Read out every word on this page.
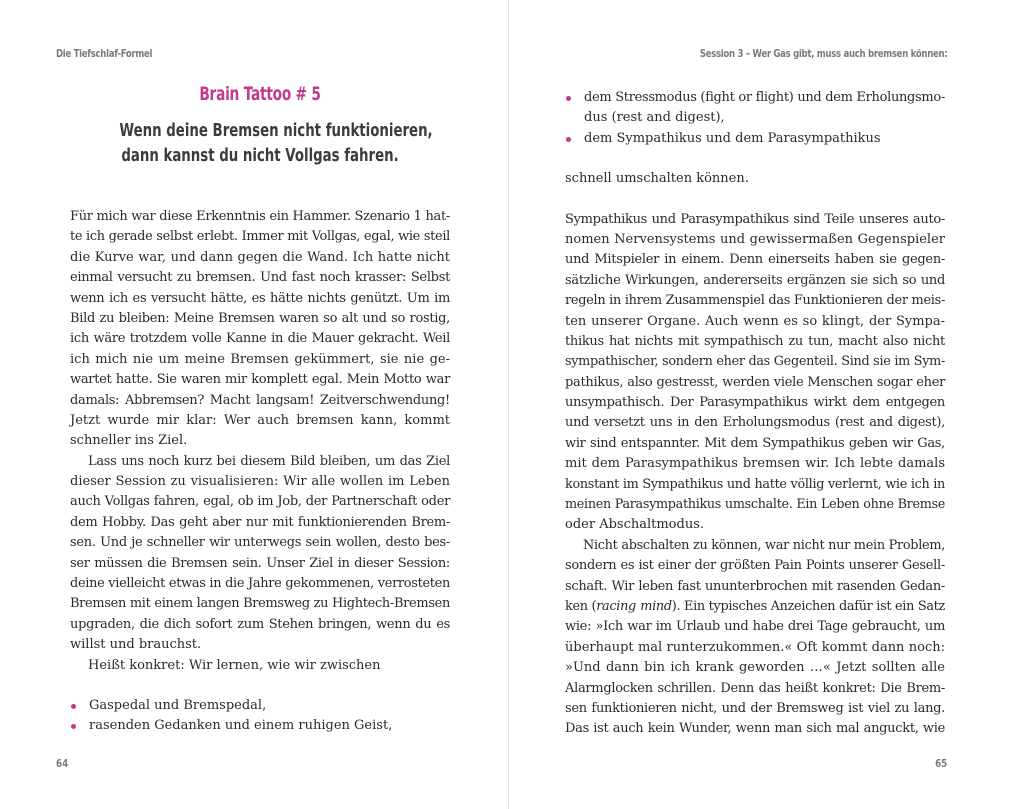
Die Tiefschlaf-Formel
Brain Tattoo # 5
Wenn deine Bremsen nicht funktionieren,
dann kannst du nicht Vollgas fahren.
Für mich war diese Erkenntnis ein Hammer. Szenario 1 hat-
te ich gerade selbst erlebt. Immer mit Vollgas, egal, wie steil
die Kurve war, und dann gegen die Wand. Ich hatte nicht
einmal versucht zu bremsen. Und fast noch krasser: Selbst
wenn ich es versucht hätte, es hätte nichts genützt. Um im
Bild zu bleiben: Meine Bremsen waren so alt und so rostig,
ich wäre trotzdem volle Kanne in die Mauer gekracht. Weil
ich mich nie um meine Bremsen gekümmert, sie nie ge-
wartet hatte. Sie waren mir komplett egal. Mein Motto war
damals: Abbremsen? Macht langsam! Zeitverschwendung!
Jetzt wurde mir klar: Wer auch bremsen kann, kommt
schneller ins Ziel.
Lass uns noch kurz bei diesem Bild bleiben, um das Ziel
dieser Session zu visualisieren: Wir alle wollen im Leben
auch Vollgas fahren, egal, ob im Job, der Partnerschaft oder
dem Hobby. Das geht aber nur mit funktionierenden Brem-
sen. Und je schneller wir unterwegs sein wollen, desto bes-
ser müssen die Bremsen sein. Unser Ziel in dieser Session:
deine vielleicht etwas in die Jahre gekommenen, verrosteten
Bremsen mit einem langen Bremsweg zu Hightech-Bremsen
upgraden, die dich sofort zum Stehen bringen, wenn du es
willst und brauchst.
Heißt konkret: Wir lernen, wie wir zwischen
Gaspedal und Bremspedal,
rasenden Gedanken und einem ruhigen Geist,
64
Session 3 – Wer Gas gibt, muss auch bremsen können:
dem Stressmodus (fight or flight) und dem Erholungsmo-
dus (rest and digest),
dem Sympathikus und dem Parasympathikus
schnell umschalten können.
Sympathikus und Parasympathikus sind Teile unseres auto-
nomen Nervensystems und gewissermaßen Gegenspieler
und Mitspieler in einem. Denn einerseits haben sie gegen-
sätzliche Wirkungen, andererseits ergänzen sie sich so und
regeln in ihrem Zusammenspiel das Funktionieren der meis-
ten unserer Organe. Auch wenn es so klingt, der Sympa-
thikus hat nichts mit sympathisch zu tun, macht also nicht
sympathischer, sondern eher das Gegenteil. Sind sie im Sym-
pathikus, also gestresst, werden viele Menschen sogar eher
unsympathisch. Der Parasympathikus wirkt dem entgegen
und versetzt uns in den Erholungsmodus (rest and digest),
wir sind entspannter. Mit dem Sympathikus geben wir Gas,
mit dem Parasympathikus bremsen wir. Ich lebte damals
konstant im Sympathikus und hatte völlig verlernt, wie ich in
meinen Parasympathikus umschalte. Ein Leben ohne Bremse
oder Abschaltmodus.
Nicht abschalten zu können, war nicht nur mein Problem,
sondern es ist einer der größten Pain Points unserer Gesell-
schaft. Wir leben fast ununterbrochen mit rasenden Gedan-
ken (racing mind). Ein typisches Anzeichen dafür ist ein Satz
wie: »Ich war im Urlaub und habe drei Tage gebraucht, um
überhaupt mal runterzukommen.« Oft kommt dann noch:
»Und dann bin ich krank geworden …« Jetzt sollten alle
Alarmglocken schrillen. Denn das heißt konkret: Die Brem-
sen funktionieren nicht, und der Bremsweg ist viel zu lang.
Das ist auch kein Wunder, wenn man sich mal anguckt, wie
65
